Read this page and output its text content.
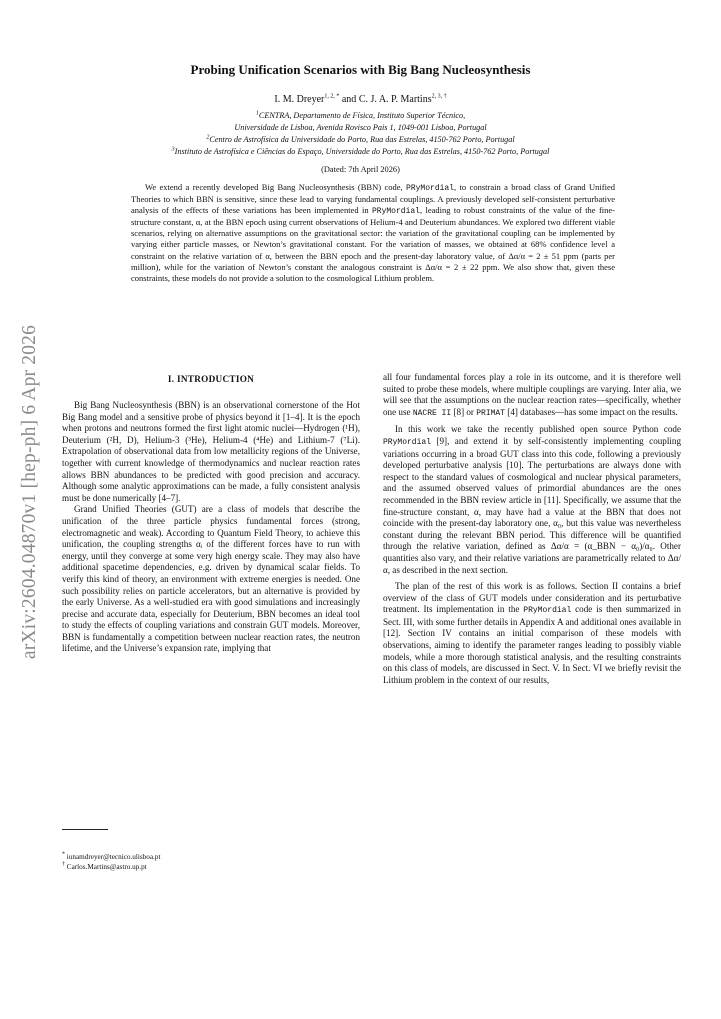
arXiv:2604.04870v1 [hep-ph] 6 Apr 2026
Probing Unification Scenarios with Big Bang Nucleosynthesis
I. M. Dreyer$^{1, 2, *}$ and C. J. A. P. Martins$^{2, 3, \dagger}$
$^1$CENTRA, Departamento de Física, Instituto Superior Técnico,
Universidade de Lisboa, Avenida Rovisco Pais 1, 1049-001 Lisboa, Portugal
$^2$Centro de Astrofísica da Universidade do Porto, Rua das Estrelas, 4150-762 Porto, Portugal
$^3$Instituto de Astrofísica e Ciências do Espaço, Universidade do Porto, Rua das Estrelas, 4150-762 Porto, Portugal
(Dated: 7th April 2026)
We extend a recently developed Big Bang Nucleosynthesis (BBN) code, PRyMordial, to constrain a broad class of Grand Unified Theories to which BBN is sensitive, since these lead to varying fundamental couplings. A previously developed self-consistent perturbative analysis of the effects of these variations has been implemented in PRyMordial, leading to robust constraints of the value of the fine-structure constant, α, at the BBN epoch using current observations of Helium-4 and Deuterium abundances. We explored two different viable scenarios, relying on alternative assumptions on the gravitational sector: the variation of the gravitational coupling can be implemented by varying either particle masses, or Newton’s gravitational constant. For the variation of masses, we obtained at 68% confidence level a constraint on the relative variation of α, between the BBN epoch and the present-day laboratory value, of Δα/α = 2 ± 51 ppm (parts per million), while for the variation of Newton’s constant the analogous constraint is Δα/α = 2 ± 22 ppm. We also show that, given these constraints, these models do not provide a solution to the cosmological Lithium problem.
I. INTRODUCTION

Big Bang Nucleosynthesis (BBN) is an observational cornerstone of the Hot Big Bang model and a sensitive probe of physics beyond it [1–4]. It is the epoch when protons and neutrons formed the first light atomic nuclei—Hydrogen (¹H), Deuterium (²H, D), Helium-3 (³He), Helium-4 (⁴He) and Lithium-7 (⁷Li). Extrapolation of observational data from low metallicity regions of the Universe, together with current knowledge of thermodynamics and nuclear reaction rates allows BBN abundances to be predicted with good precision and accuracy. Although some analytic approximations can be made, a fully consistent analysis must be done numerically [4–7].

Grand Unified Theories (GUT) are a class of models that describe the unification of the three particle physics fundamental forces (strong, electromagnetic and weak). According to Quantum Field Theory, to achieve this unification, the coupling strengths αᵢ of the different forces have to run with energy, until they converge at some very high energy scale. They may also have additional spacetime dependencies, e.g. driven by dynamical scalar fields. To verify this kind of theory, an environment with extreme energies is needed. One such possibility relies on particle accelerators, but an alternative is provided by the early Universe. As a well-studied era with good simulations and increasingly precise and accurate data, especially for Deuterium, BBN becomes an ideal tool to study the effects of coupling variations and constrain GUT models. Moreover, BBN is fundamentally a competition between nuclear reaction rates, the neutron lifetime, and the Universe’s expansion rate, implying that

all four fundamental forces play a role in its outcome, and it is therefore well suited to probe these models, where multiple couplings are varying. Inter alia, we will see that the assumptions on the nuclear reaction rates—specifically, whether one use NACRE II [8] or PRIMAT [4] databases—has some impact on the results.

In this work we take the recently published open source Python code PRyMordial [9], and extend it by self-consistently implementing coupling variations occurring in a broad GUT class into this code, following a previously developed perturbative analysis [10]. The perturbations are always done with respect to the standard values of cosmological and nuclear physical parameters, and the assumed observed values of primordial abundances are the ones recommended in the BBN review article in [11]. Specifically, we assume that the fine-structure constant, α, may have had a value at the BBN that does not coincide with the present-day laboratory one, α₀, but this value was nevertheless constant during the relevant BBN period. This difference will be quantified through the relative variation, defined as Δα/α = (α_BBN − α₀)/α₀. Other quantities also vary, and their relative variations are parametrically related to Δα/α, as described in the next section.

The plan of the rest of this work is as follows. Section II contains a brief overview of the class of GUT models under consideration and its perturbative treatment. Its implementation in the PRyMordial code is then summarized in Sect. III, with some further details in Appendix A and additional ones available in [12]. Section IV contains an initial comparison of these models with observations, aiming to identify the parameter ranges leading to possibly viable models, while a more thorough statistical analysis, and the resulting constraints on this class of models, are discussed in Sect. V. In Sect. VI we briefly revisit the Lithium problem in the context of our results,

* iunamdreyer@tecnico.ulisboa.pt
† Carlos.Martins@astro.up.pt
